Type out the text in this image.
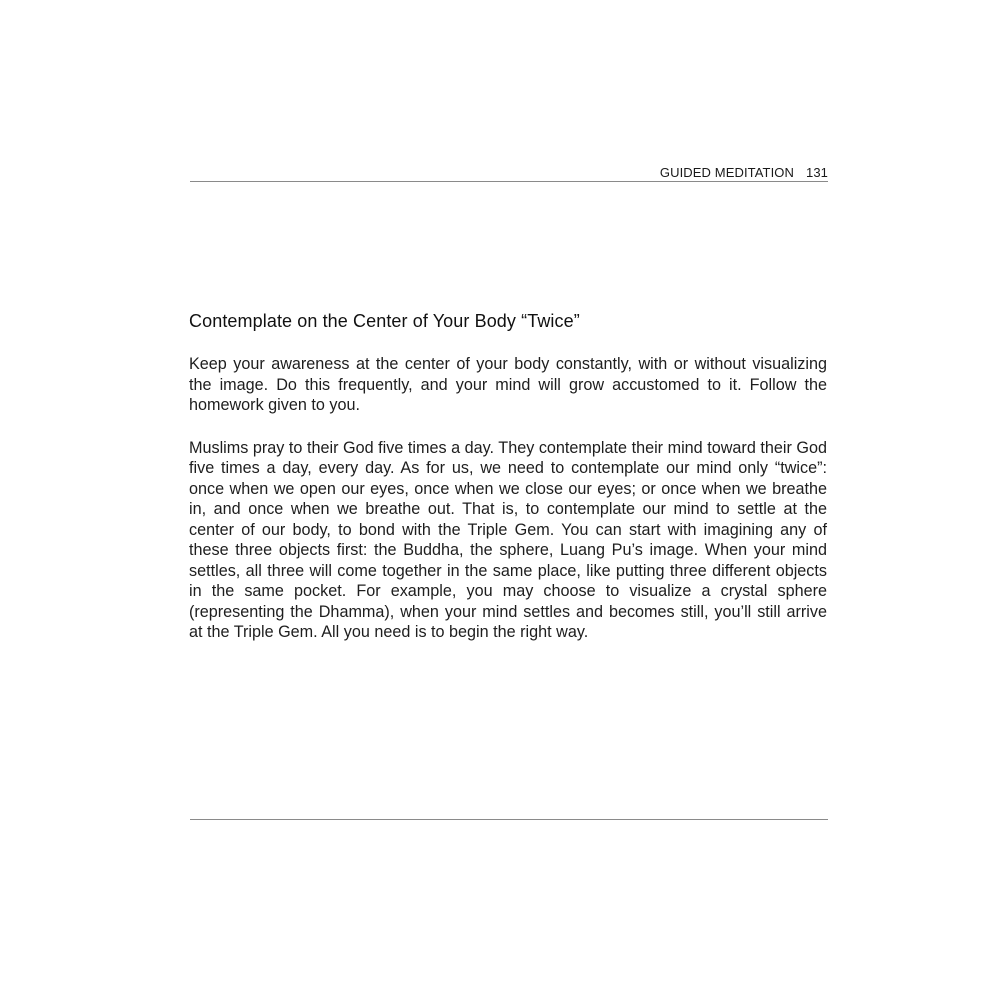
GUIDED MEDITATION 131
Contemplate on the Center of Your Body “Twice”

Keep your awareness at the center of your body constantly, with or without visualizing the image. Do this frequently, and your mind will grow accustomed to it. Follow the homework given to you.

Muslims pray to their God five times a day. They contemplate their mind toward their God five times a day, every day. As for us, we need to contemplate our mind only “twice”: once when we open our eyes, once when we close our eyes; or once when we breathe in, and once when we breathe out. That is, to contemplate our mind to settle at the center of our body, to bond with the Triple Gem. You can start with imagining any of these three objects first: the Buddha, the sphere, Luang Pu’s image. When your mind settles, all three will come together in the same place, like putting three different objects in the same pocket. For example, you may choose to visualize a crystal sphere (representing the Dhamma), when your mind settles and becomes still, you’ll still arrive at the Triple Gem. All you need is to begin the right way.
